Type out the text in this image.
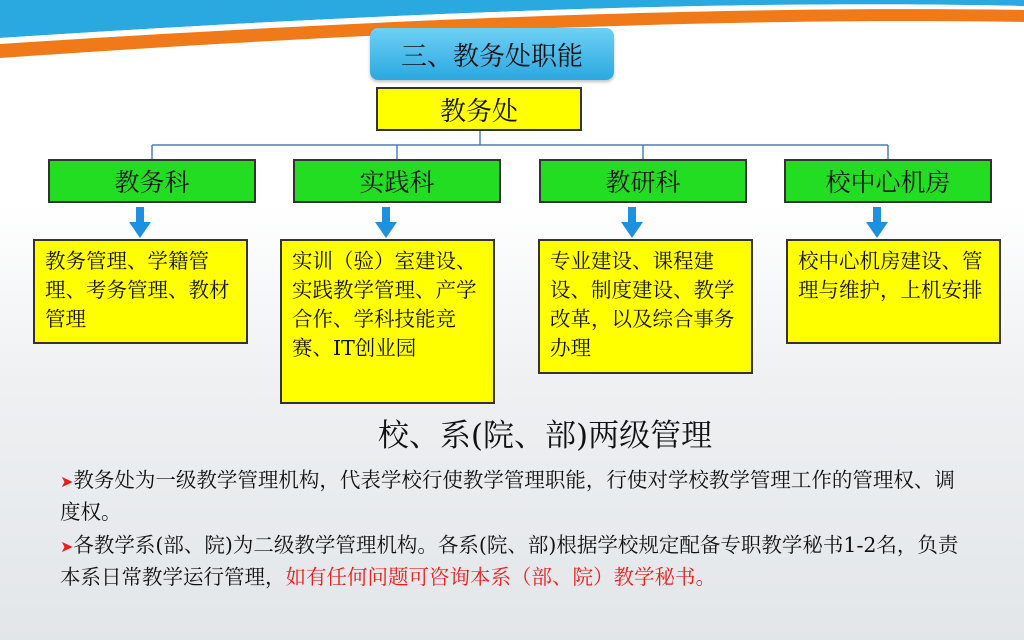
三、教务处职能
教务处
教务科	实践科	教研科	校中心机房
教务管理、学籍管理、考务管理、教材管理
实训（验）室建设、实践教学管理、产学合作、学科技能竞赛、IT创业园
专业建设、课程建设、制度建设、教学改革，以及综合事务办理
校中心机房建设、管理与维护，上机安排
校、系(院、部)两级管理
➤教务处为一级教学管理机构，代表学校行使教学管理职能，行使对学校教学管理工作的管理权、调度权。
➤各教学系(部、院)为二级教学管理机构。各系(院、部)根据学校规定配备专职教学秘书1-2名，负责本系日常教学运行管理，如有任何问题可咨询本系（部、院）教学秘书。
